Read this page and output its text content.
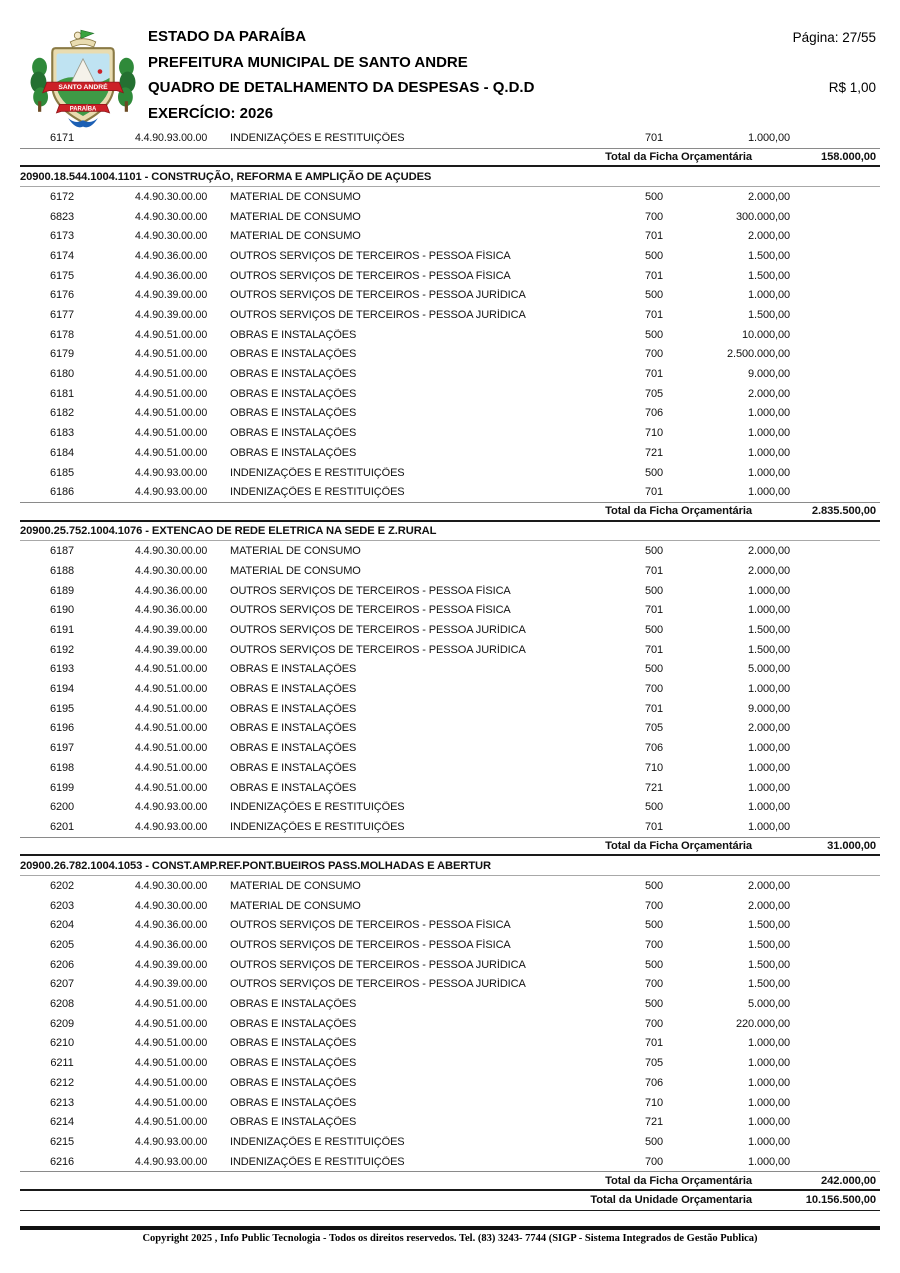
SANTO ANDRÉ
PARAÍBA
ESTADO DA PARAÍBA
PREFEITURA MUNICIPAL DE SANTO ANDRE
QUADRO DE DETALHAMENTO DA DESPESAS - Q.D.D
EXERCÍCIO: 2026
Página: 27/55
R$ 1,00
6171	4.4.90.93.00.00 INDENIZAÇÕES E RESTITUIÇÕES	701	1.000,00
Total da Ficha Orçamentária	158.000,00
20900.18.544.1004.1101 - CONSTRUÇÃO, REFORMA E AMPLIÇÃO DE AÇUDES
6172	4.4.90.30.00.00 MATERIAL DE CONSUMO	500	2.000,00
6823	4.4.90.30.00.00 MATERIAL DE CONSUMO	700	300.000,00
6173	4.4.90.30.00.00 MATERIAL DE CONSUMO	701	2.000,00
6174	4.4.90.36.00.00 OUTROS SERVIÇOS DE TERCEIROS - PESSOA FÍSICA	500	1.500,00
6175	4.4.90.36.00.00 OUTROS SERVIÇOS DE TERCEIROS - PESSOA FÍSICA	701	1.500,00
6176	4.4.90.39.00.00 OUTROS SERVIÇOS DE TERCEIROS - PESSOA JURÍDICA	500	1.000,00
6177	4.4.90.39.00.00 OUTROS SERVIÇOS DE TERCEIROS - PESSOA JURÍDICA	701	1.500,00
6178	4.4.90.51.00.00 OBRAS E INSTALAÇÕES	500	10.000,00
6179	4.4.90.51.00.00 OBRAS E INSTALAÇÕES	700	2.500.000,00
6180	4.4.90.51.00.00 OBRAS E INSTALAÇÕES	701	9.000,00
6181	4.4.90.51.00.00 OBRAS E INSTALAÇÕES	705	2.000,00
6182	4.4.90.51.00.00 OBRAS E INSTALAÇÕES	706	1.000,00
6183	4.4.90.51.00.00 OBRAS E INSTALAÇÕES	710	1.000,00
6184	4.4.90.51.00.00 OBRAS E INSTALAÇÕES	721	1.000,00
6185	4.4.90.93.00.00 INDENIZAÇÕES E RESTITUIÇÕES	500	1.000,00
6186	4.4.90.93.00.00 INDENIZAÇÕES E RESTITUIÇÕES	701	1.000,00
Total da Ficha Orçamentária	2.835.500,00
20900.25.752.1004.1076 - EXTENCAO DE REDE ELETRICA NA SEDE E Z.RURAL
6187	4.4.90.30.00.00 MATERIAL DE CONSUMO	500	2.000,00
6188	4.4.90.30.00.00 MATERIAL DE CONSUMO	701	2.000,00
6189	4.4.90.36.00.00 OUTROS SERVIÇOS DE TERCEIROS - PESSOA FÍSICA	500	1.000,00
6190	4.4.90.36.00.00 OUTROS SERVIÇOS DE TERCEIROS - PESSOA FÍSICA	701	1.000,00
6191	4.4.90.39.00.00 OUTROS SERVIÇOS DE TERCEIROS - PESSOA JURÍDICA	500	1.500,00
6192	4.4.90.39.00.00 OUTROS SERVIÇOS DE TERCEIROS - PESSOA JURÍDICA	701	1.500,00
6193	4.4.90.51.00.00 OBRAS E INSTALAÇÕES	500	5.000,00
6194	4.4.90.51.00.00 OBRAS E INSTALAÇÕES	700	1.000,00
6195	4.4.90.51.00.00 OBRAS E INSTALAÇÕES	701	9.000,00
6196	4.4.90.51.00.00 OBRAS E INSTALAÇÕES	705	2.000,00
6197	4.4.90.51.00.00 OBRAS E INSTALAÇÕES	706	1.000,00
6198	4.4.90.51.00.00 OBRAS E INSTALAÇÕES	710	1.000,00
6199	4.4.90.51.00.00 OBRAS E INSTALAÇÕES	721	1.000,00
6200	4.4.90.93.00.00 INDENIZAÇÕES E RESTITUIÇÕES	500	1.000,00
6201	4.4.90.93.00.00 INDENIZAÇÕES E RESTITUIÇÕES	701	1.000,00
Total da Ficha Orçamentária	31.000,00
20900.26.782.1004.1053 - CONST.AMP.REF.PONT.BUEIROS PASS.MOLHADAS E ABERTUR
6202	4.4.90.30.00.00 MATERIAL DE CONSUMO	500	2.000,00
6203	4.4.90.30.00.00 MATERIAL DE CONSUMO	700	2.000,00
6204	4.4.90.36.00.00 OUTROS SERVIÇOS DE TERCEIROS - PESSOA FÍSICA	500	1.500,00
6205	4.4.90.36.00.00 OUTROS SERVIÇOS DE TERCEIROS - PESSOA FÍSICA	700	1.500,00
6206	4.4.90.39.00.00 OUTROS SERVIÇOS DE TERCEIROS - PESSOA JURÍDICA	500	1.500,00
6207	4.4.90.39.00.00 OUTROS SERVIÇOS DE TERCEIROS - PESSOA JURÍDICA	700	1.500,00
6208	4.4.90.51.00.00 OBRAS E INSTALAÇÕES	500	5.000,00
6209	4.4.90.51.00.00 OBRAS E INSTALAÇÕES	700	220.000,00
6210	4.4.90.51.00.00 OBRAS E INSTALAÇÕES	701	1.000,00
6211	4.4.90.51.00.00 OBRAS E INSTALAÇÕES	705	1.000,00
6212	4.4.90.51.00.00 OBRAS E INSTALAÇÕES	706	1.000,00
6213	4.4.90.51.00.00 OBRAS E INSTALAÇÕES	710	1.000,00
6214	4.4.90.51.00.00 OBRAS E INSTALAÇÕES	721	1.000,00
6215	4.4.90.93.00.00 INDENIZAÇÕES E RESTITUIÇÕES	500	1.000,00
6216	4.4.90.93.00.00 INDENIZAÇÕES E RESTITUIÇÕES	700	1.000,00
Total da Ficha Orçamentária	242.000,00
Total da Unidade Orçamentaria	10.156.500,00
Copyright 2025 , Info Public Tecnologia - Todos os direitos reservedos. Tel. (83) 3243- 7744 (SIGP - Sistema Integrados de Gestão Publica)
